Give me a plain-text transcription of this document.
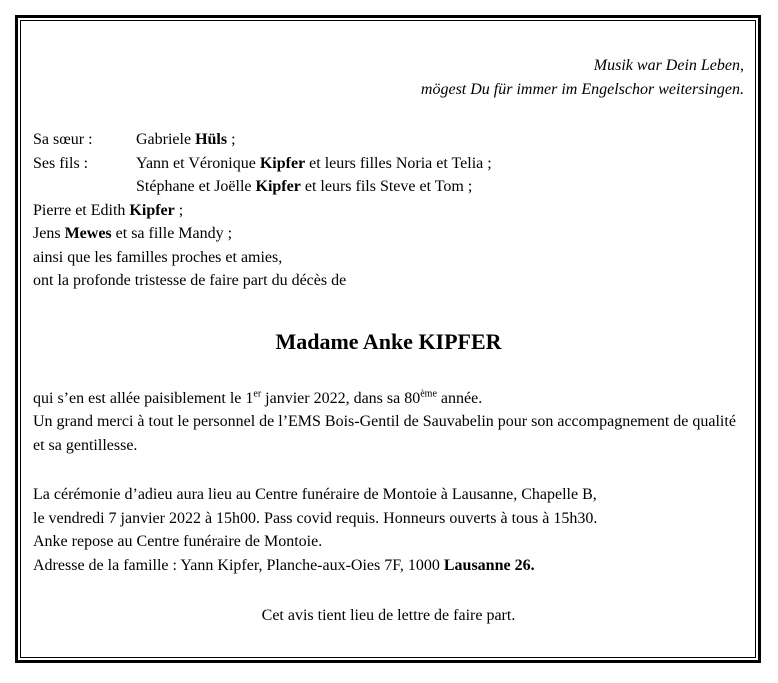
Musik war Dein Leben,
mögest Du für immer im Engelschor weitersingen.
Sa sœur :	Gabriele Hüls ;
Ses fils :	Yann et Véronique Kipfer et leurs filles Noria et Telia ;
Stéphane et Joëlle Kipfer et leurs fils Steve et Tom ;
Pierre et Edith Kipfer ;
Jens Mewes et sa fille Mandy ;
ainsi que les familles proches et amies,
ont la profonde tristesse de faire part du décès de
Madame Anke KIPFER
qui s’en est allée paisiblement le 1er janvier 2022, dans sa 80ème année.
Un grand merci à tout le personnel de l’EMS Bois-Gentil de Sauvabelin pour son accompagnement de qualité et sa gentillesse.
La cérémonie d’adieu aura lieu au Centre funéraire de Montoie à Lausanne, Chapelle B,
le vendredi 7 janvier 2022 à 15h00. Pass covid requis. Honneurs ouverts à tous à 15h30.
Anke repose au Centre funéraire de Montoie.
Adresse de la famille : Yann Kipfer, Planche-aux-Oies 7F, 1000 Lausanne 26.
Cet avis tient lieu de lettre de faire part.
